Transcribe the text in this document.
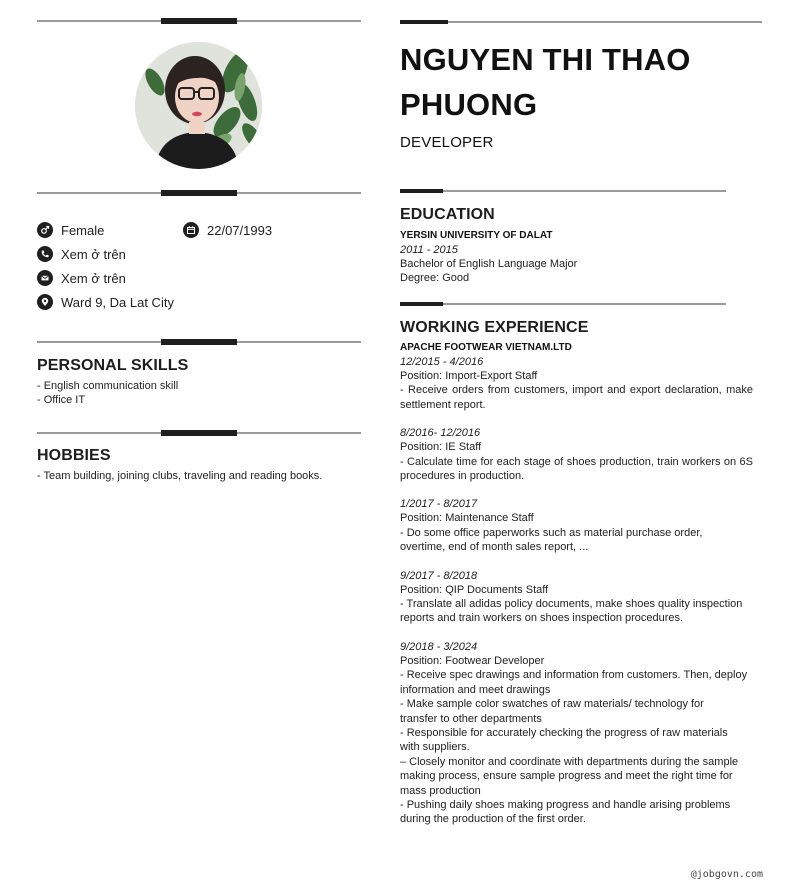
Female	22/07/1993
Xem ở trên
Xem ở trên
Ward 9, Da Lat City
PERSONAL SKILLS
- English communication skill
- Office IT
HOBBIES
- Team building, joining clubs, traveling and reading books.
NGUYEN THI THAO PHUONG
DEVELOPER
EDUCATION
YERSIN UNIVERSITY OF DALAT
2011 - 2015
Bachelor of English Language Major
Degree: Good
WORKING EXPERIENCE
APACHE FOOTWEAR VIETNAM.LTD
12/2015 - 4/2016
Position: Import-Export Staff
- Receive orders from customers, import and export declaration, make settlement report.
8/2016- 12/2016
Position: IE Staff
- Calculate time for each stage of shoes production, train workers on 6S procedures in production.
1/2017 - 8/2017
Position: Maintenance Staff
- Do some office paperworks such as material purchase order, overtime, end of month sales report, ...
9/2017 - 8/2018
Position: QIP Documents Staff
- Translate all adidas policy documents, make shoes quality inspection reports and train workers on shoes inspection procedures.
9/2018 - 3/2024
Position: Footwear Developer
- Receive spec drawings and information from customers. Then, deploy information and meet drawings
- Make sample color swatches of raw materials/ technology for transfer to other departments
- Responsible for accurately checking the progress of raw materials with suppliers.
– Closely monitor and coordinate with departments during the sample making process, ensure sample progress and meet the right time for mass production
- Pushing daily shoes making progress and handle arising problems during the production of the first order.
@jobgovn.com
